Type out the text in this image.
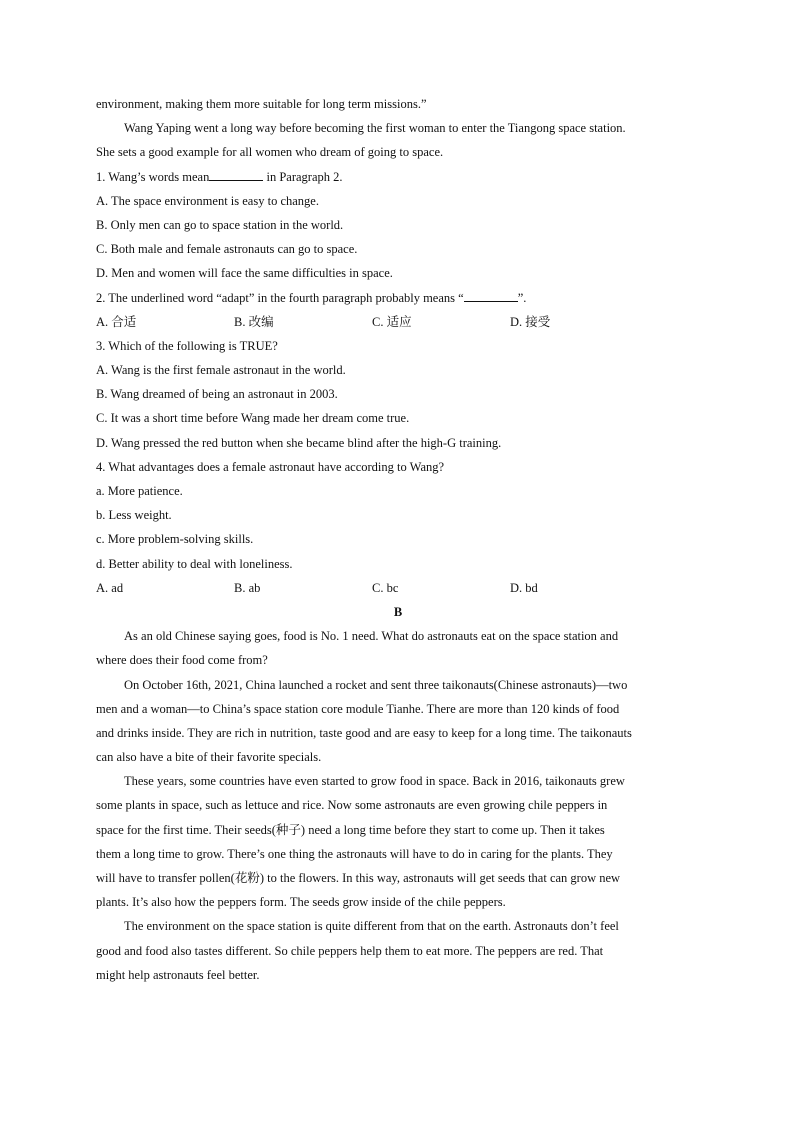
environment, making them more suitable for long term missions.”
Wang Yaping went a long way before becoming the first woman to enter the Tiangong space station.
She sets a good example for all women who dream of going to space.
1. Wang’s words mean	in Paragraph 2.
A. The space environment is easy to change.
B. Only men can go to space station in the world.
C. Both male and female astronauts can go to space.
D. Men and women will face the same difficulties in space.
2. The underlined word “adapt” in the fourth paragraph probably means “	”.
A. 合适	B. 改编	C. 适应	D. 接受
3. Which of the following is TRUE?
A. Wang is the first female astronaut in the world.
B. Wang dreamed of being an astronaut in 2003.
C. It was a short time before Wang made her dream come true.
D. Wang pressed the red button when she became blind after the high-G training.
4. What advantages does a female astronaut have according to Wang?
a. More patience.
b. Less weight.
c. More problem-solving skills.
d. Better ability to deal with loneliness.
A. ad	B. ab	C. bc	D. bd
B
As an old Chinese saying goes, food is No. 1 need. What do astronauts eat on the space station and
where does their food come from?
On October 16th, 2021, China launched a rocket and sent three taikonauts(Chinese astronauts)—two
men and a woman—to China’s space station core module Tianhe. There are more than 120 kinds of food
and drinks inside. They are rich in nutrition, taste good and are easy to keep for a long time. The taikonauts
can also have a bite of their favorite specials.
These years, some countries have even started to grow food in space. Back in 2016, taikonauts grew
some plants in space, such as lettuce and rice. Now some astronauts are even growing chile peppers in
space for the first time. Their seeds(种子) need a long time before they start to come up. Then it takes
them a long time to grow. There’s one thing the astronauts will have to do in caring for the plants. They
will have to transfer pollen(花粉) to the flowers. In this way, astronauts will get seeds that can grow new
plants. It’s also how the peppers form. The seeds grow inside of the chile peppers.
The environment on the space station is quite different from that on the earth. Astronauts don’t feel
good and food also tastes different. So chile peppers help them to eat more. The peppers are red. That
might help astronauts feel better.
